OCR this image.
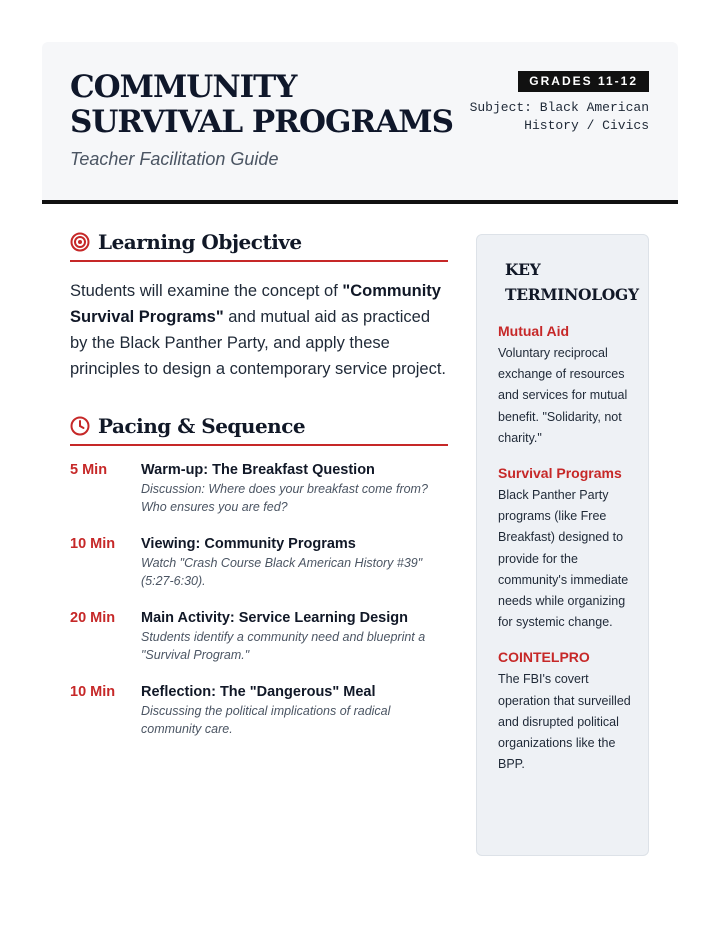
COMMUNITY SURVIVAL PROGRAMS
Teacher Facilitation Guide
GRADES 11-12
Subject: Black American History / Civics
Learning Objective

Students will examine the concept of "Community Survival Programs" and mutual aid as practiced by the Black Panther Party, and apply these principles to design a contemporary service project.

Pacing & Sequence
5 Min	Warm-up: The Breakfast Question
Discussion: Where does your breakfast come from? Who ensures you are fed?
10 Min	Viewing: Community Programs
Watch "Crash Course Black American History #39" (5:27-6:30).
20 Min	Main Activity: Service Learning Design
Students identify a community need and blueprint a "Survival Program."
10 Min	Reflection: The "Dangerous" Meal
Discussing the political implications of radical community care.
KEY TERMINOLOGY
Mutual Aid
Voluntary reciprocal exchange of resources and services for mutual benefit. "Solidarity, not charity."
Survival Programs
Black Panther Party programs (like Free Breakfast) designed to provide for the community's immediate needs while organizing for systemic change.
COINTELPRO
The FBI's covert operation that surveilled and disrupted political organizations like the BPP.
